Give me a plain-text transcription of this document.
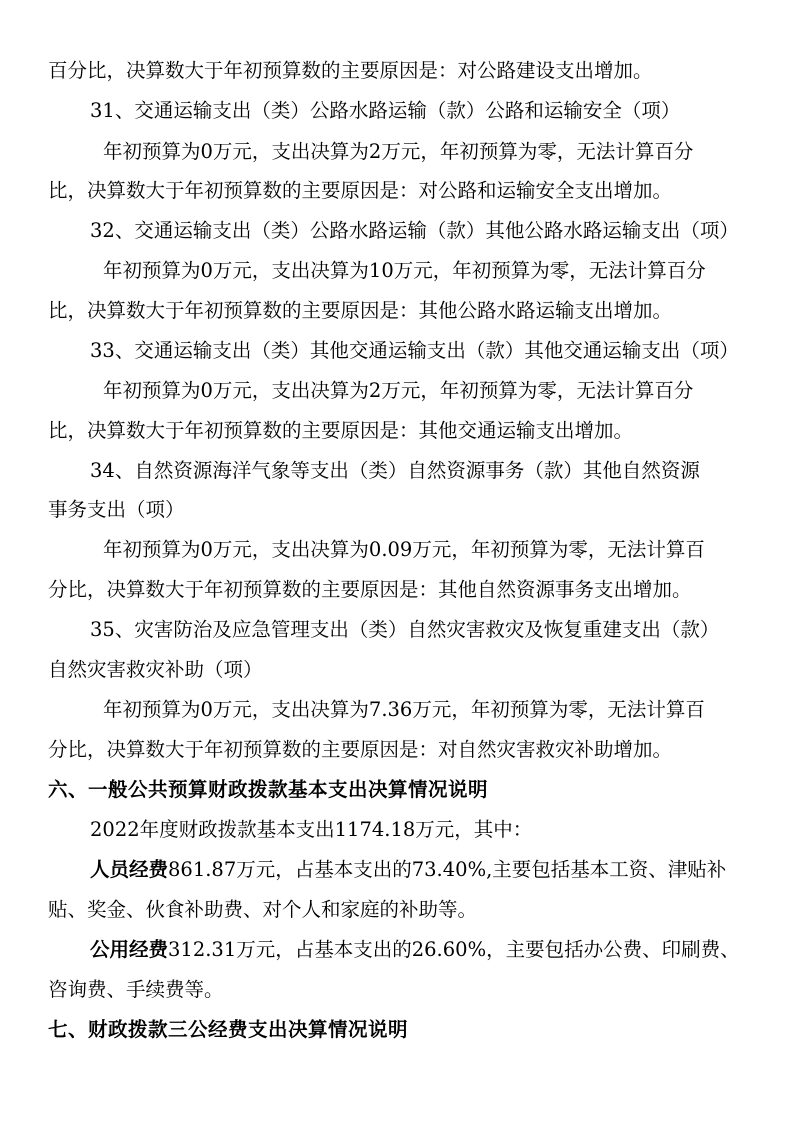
百分比，决算数大于年初预算数的主要原因是：对公路建设支出增加。
31、交通运输支出（类）公路水路运输（款）公路和运输安全（项）
年初预算为0万元，支出决算为2万元，年初预算为零，无法计算百分
比，决算数大于年初预算数的主要原因是：对公路和运输安全支出增加。
32、交通运输支出（类）公路水路运输（款）其他公路水路运输支出（项）
年初预算为0万元，支出决算为10万元，年初预算为零，无法计算百分
比，决算数大于年初预算数的主要原因是：其他公路水路运输支出增加。
33、交通运输支出（类）其他交通运输支出（款）其他交通运输支出（项）
年初预算为0万元，支出决算为2万元，年初预算为零，无法计算百分
比，决算数大于年初预算数的主要原因是：其他交通运输支出增加。
34、自然资源海洋气象等支出（类）自然资源事务（款）其他自然资源
事务支出（项）
年初预算为0万元，支出决算为0.09万元，年初预算为零，无法计算百
分比，决算数大于年初预算数的主要原因是：其他自然资源事务支出增加。
35、灾害防治及应急管理支出（类）自然灾害救灾及恢复重建支出（款）
自然灾害救灾补助（项）
年初预算为0万元，支出决算为7.36万元，年初预算为零，无法计算百
分比，决算数大于年初预算数的主要原因是：对自然灾害救灾补助增加。
六、一般公共预算财政拨款基本支出决算情况说明
2022年度财政拨款基本支出1174.18万元，其中：
人员经费861.87万元，占基本支出的73.40%,主要包括基本工资、津贴补
贴、奖金、伙食补助费、对个人和家庭的补助等。
公用经费312.31万元，占基本支出的26.60%，主要包括办公费、印刷费、
咨询费、手续费等。
七、财政拨款三公经费支出决算情况说明
